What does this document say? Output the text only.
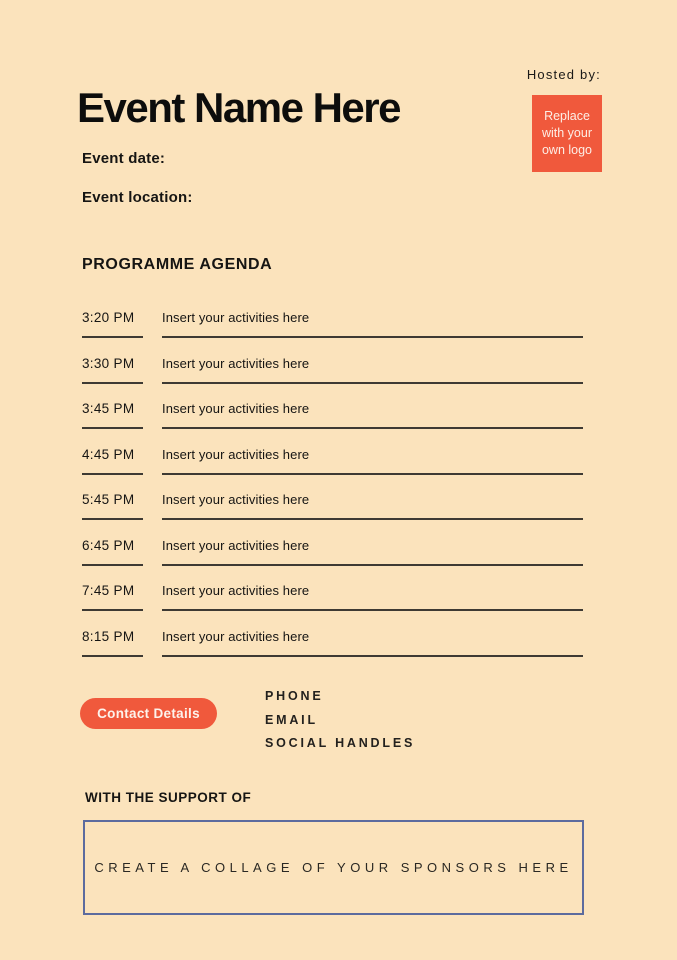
Hosted by:
Replace with your own logo
Event Name Here
Event date:
Event location:
PROGRAMME AGENDA
3:20 PM	Insert your activities here
3:30 PM	Insert your activities here
3:45 PM	Insert your activities here
4:45 PM	Insert your activities here
5:45 PM	Insert your activities here
6:45 PM	Insert your activities here
7:45 PM	Insert your activities here
8:15 PM	Insert your activities here
Contact Details
PHONE
EMAIL
SOCIAL HANDLES
WITH THE SUPPORT OF
CREATE A COLLAGE OF YOUR SPONSORS HERE
